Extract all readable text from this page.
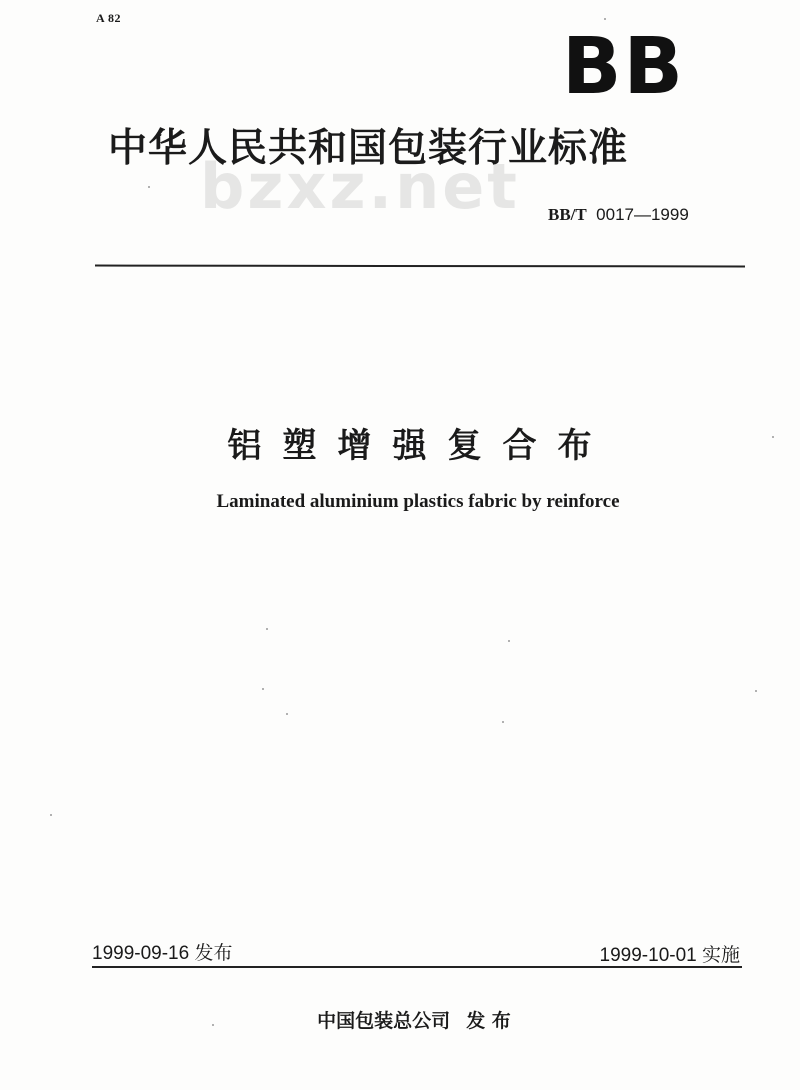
A 82
BB
中华人民共和国包装行业标准
bzxz.net BB/T 0017—1999
铝塑增强复合布
Laminated aluminium plastics fabric by reinforce
1999-09-16 发布	1999-10-01 实施
中国包装总公司 发 布
